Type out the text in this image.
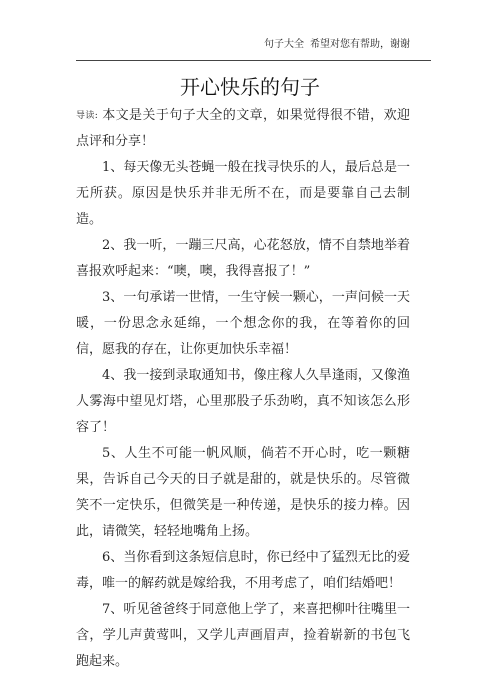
句子大全 希望对您有帮助，谢谢
开心快乐的句子

导读: 本文是关于句子大全的文章，如果觉得很不错，欢迎点评和分享！

1、每天像无头苍蝇一般在找寻快乐的人，最后总是一无所获。原因是快乐并非无所不在，而是要靠自己去制造。

2、我一听，一蹦三尺高，心花怒放，情不自禁地举着喜报欢呼起来：“噢，噢，我得喜报了！”

3、一句承诺一世情，一生守候一颗心，一声问候一天暖，一份思念永延绵，一个想念你的我，在等着你的回信，愿我的存在，让你更加快乐幸福！

4、我一接到录取通知书，像庄稼人久旱逢雨，又像渔人雾海中望见灯塔，心里那股子乐劲哟，真不知该怎么形容了！

5、人生不可能一帆风顺，倘若不开心时，吃一颗糖果，告诉自己今天的日子就是甜的，就是快乐的。尽管微笑不一定快乐，但微笑是一种传递，是快乐的接力棒。因此，请微笑，轻轻地嘴角上扬。

6、当你看到这条短信息时，你已经中了猛烈无比的爱毒，唯一的解药就是嫁给我，不用考虑了，咱们结婚吧！

7、听见爸爸终于同意他上学了，来喜把柳叶往嘴里一含，学儿声黄莺叫，又学儿声画眉声，捡着崭新的书包飞跑起来。
